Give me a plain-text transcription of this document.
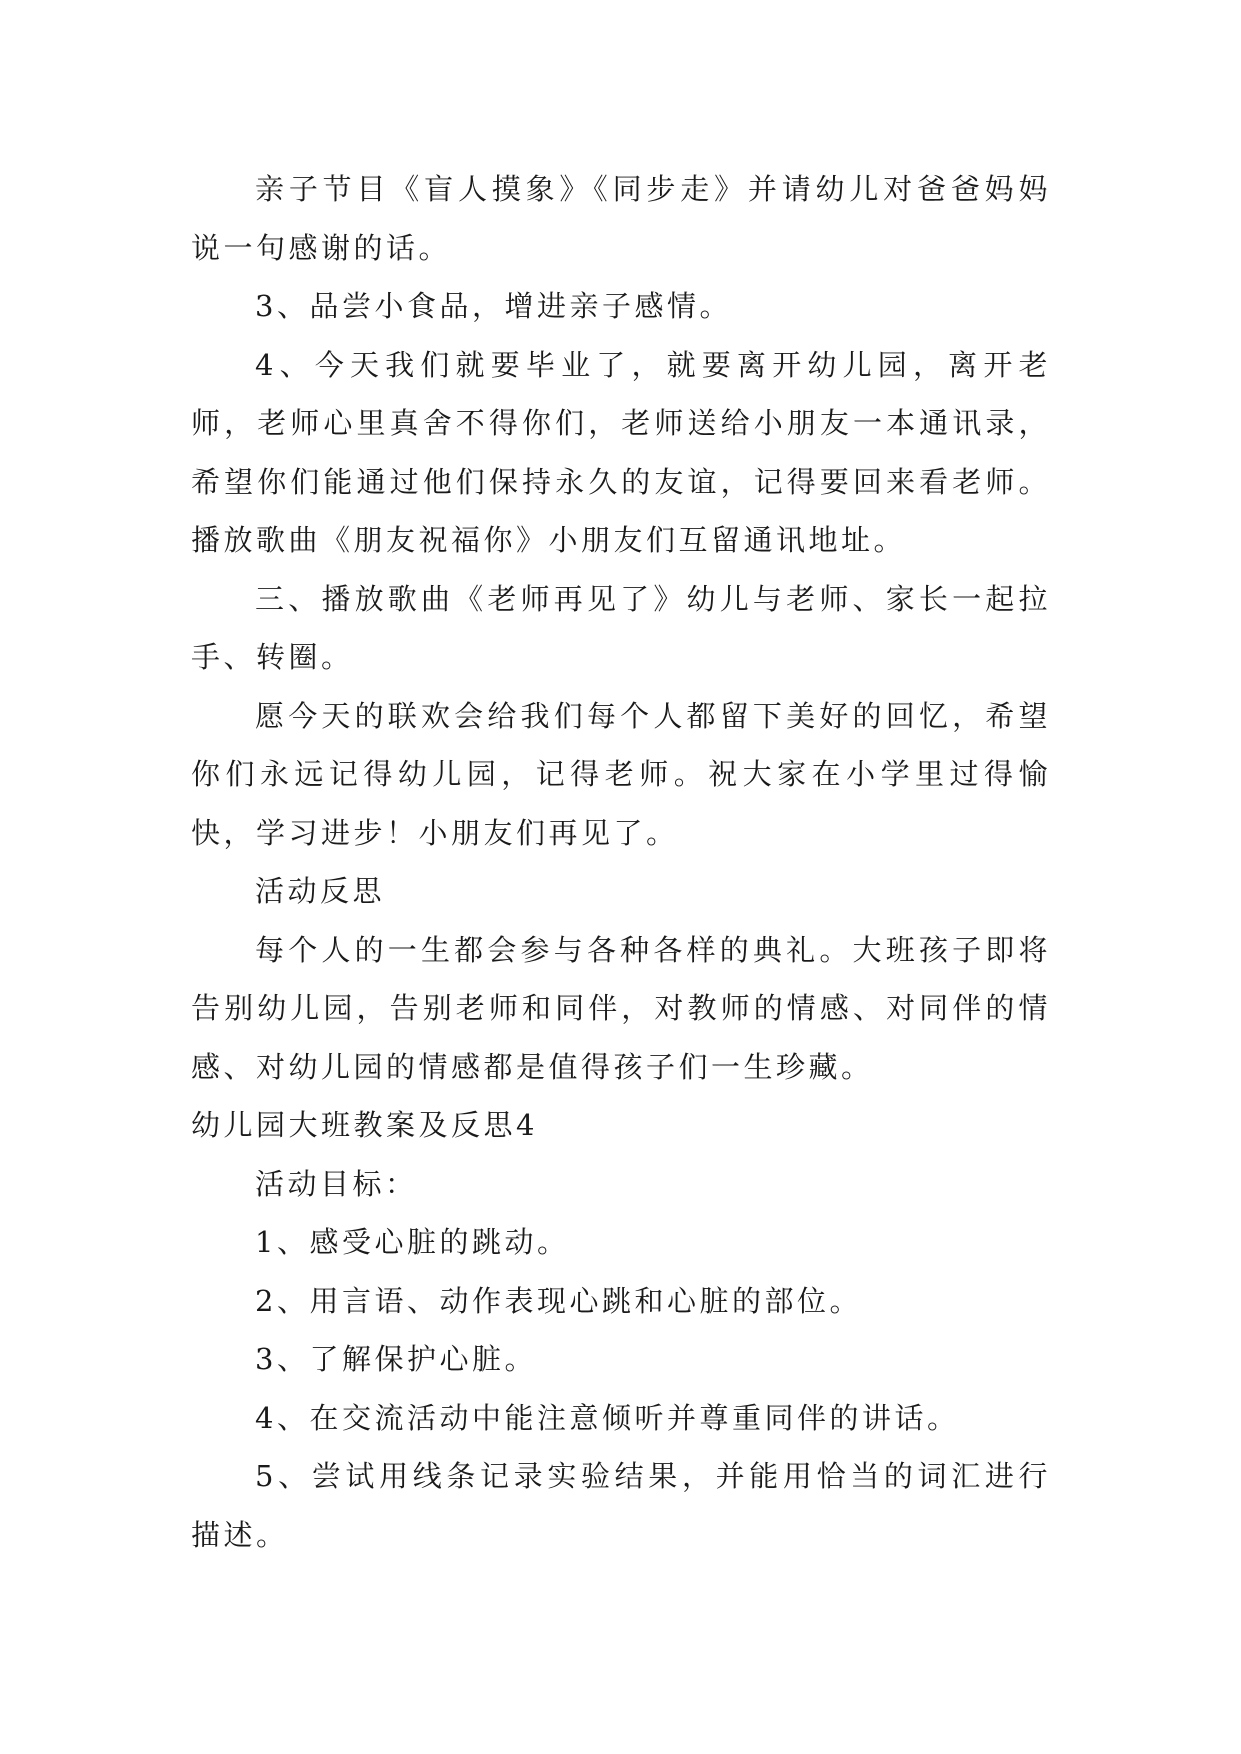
亲子节目《盲人摸象》《同步走》并请幼儿对爸爸妈妈说一句感谢的话。

3、品尝小食品，增进亲子感情。

4、今天我们就要毕业了，就要离开幼儿园，离开老师，老师心里真舍不得你们，老师送给小朋友一本通讯录，希望你们能通过他们保持永久的友谊，记得要回来看老师。播放歌曲《朋友祝福你》小朋友们互留通讯地址。

三、播放歌曲《老师再见了》幼儿与老师、家长一起拉手、转圈。

愿今天的联欢会给我们每个人都留下美好的回忆，希望你们永远记得幼儿园，记得老师。祝大家在小学里过得愉快，学习进步！小朋友们再见了。

活动反思

每个人的一生都会参与各种各样的典礼。大班孩子即将告别幼儿园，告别老师和同伴，对教师的情感、对同伴的情感、对幼儿园的情感都是值得孩子们一生珍藏。

幼儿园大班教案及反思4

活动目标：

1、感受心脏的跳动。

2、用言语、动作表现心跳和心脏的部位。

3、了解保护心脏。

4、在交流活动中能注意倾听并尊重同伴的讲话。

5、尝试用线条记录实验结果，并能用恰当的词汇进行描述。
